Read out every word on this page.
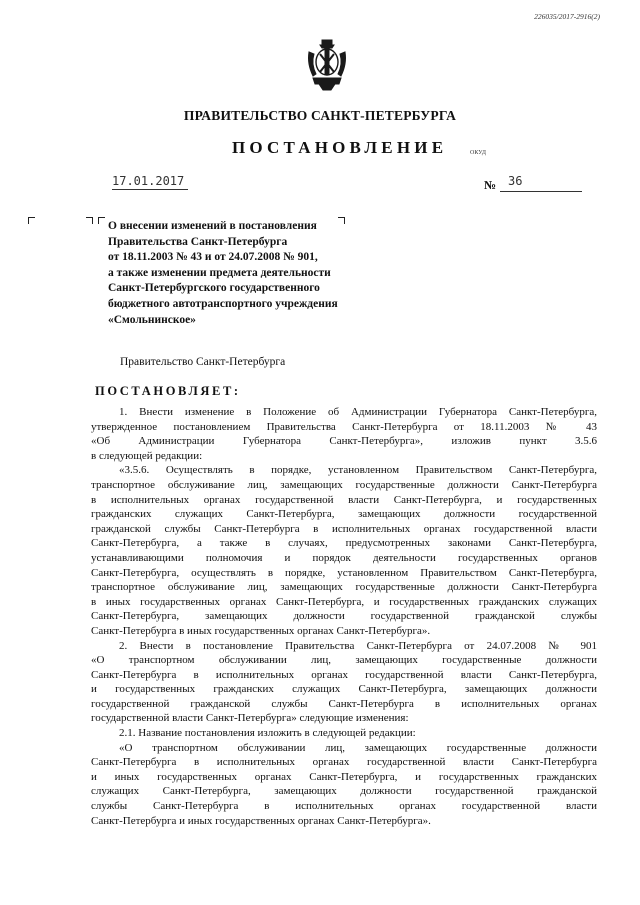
226035/2017-2916(2)
ПРАВИТЕЛЬСТВО САНКТ-ПЕТЕРБУРГА
ПОСТАНОВЛЕНИЕ	ОКУД
17.01.2017	№ 36
О внесении изменений в постановления
Правительства Санкт-Петербурга
от 18.11.2003 № 43 и от 24.07.2008 № 901,
а также изменении предмета деятельности
Санкт-Петербургского государственного
бюджетного автотранспортного учреждения
«Смольнинское»
Правительство Санкт-Петербурга
ПОСТАНОВЛЯЕТ:

1. Внести изменение в Положение об Администрации Губернатора Санкт-Петербурга,

утвержденное постановлением Правительства Санкт-Петербурга от 18.11.2003 № 43

«Об Администрации Губернатора Санкт-Петербурга», изложив пункт 3.5.6

в следующей редакции:

«3.5.6. Осуществлять в порядке, установленном Правительством Санкт-Петербурга,

транспортное обслуживание лиц, замещающих государственные должности Санкт-Петербурга

в исполнительных органах государственной власти Санкт-Петербурга, и государственных

гражданских служащих Санкт-Петербурга, замещающих должности государственной

гражданской службы Санкт-Петербурга в исполнительных органах государственной власти

Санкт-Петербурга, а также в случаях, предусмотренных законами Санкт-Петербурга,

устанавливающими полномочия и порядок деятельности государственных органов

Санкт-Петербурга, осуществлять в порядке, установленном Правительством Санкт-Петербурга,

транспортное обслуживание лиц, замещающих государственные должности Санкт-Петербурга

в иных государственных органах Санкт-Петербурга, и государственных гражданских служащих

Санкт-Петербурга, замещающих должности государственной гражданской службы

Санкт-Петербурга в иных государственных органах Санкт-Петербурга».

2. Внести в постановление Правительства Санкт-Петербурга от 24.07.2008 № 901

«О транспортном обслуживании лиц, замещающих государственные должности

Санкт-Петербурга в исполнительных органах государственной власти Санкт-Петербурга,

и государственных гражданских служащих Санкт-Петербурга, замещающих должности

государственной гражданской службы Санкт-Петербурга в исполнительных органах

государственной власти Санкт-Петербурга» следующие изменения:

2.1. Название постановления изложить в следующей редакции:

«О транспортном обслуживании лиц, замещающих государственные должности

Санкт-Петербурга в исполнительных органах государственной власти Санкт-Петербурга

и иных государственных органах Санкт-Петербурга, и государственных гражданских

служащих Санкт-Петербурга, замещающих должности государственной гражданской

службы Санкт-Петербурга в исполнительных органах государственной власти

Санкт-Петербурга и иных государственных органах Санкт-Петербурга».
